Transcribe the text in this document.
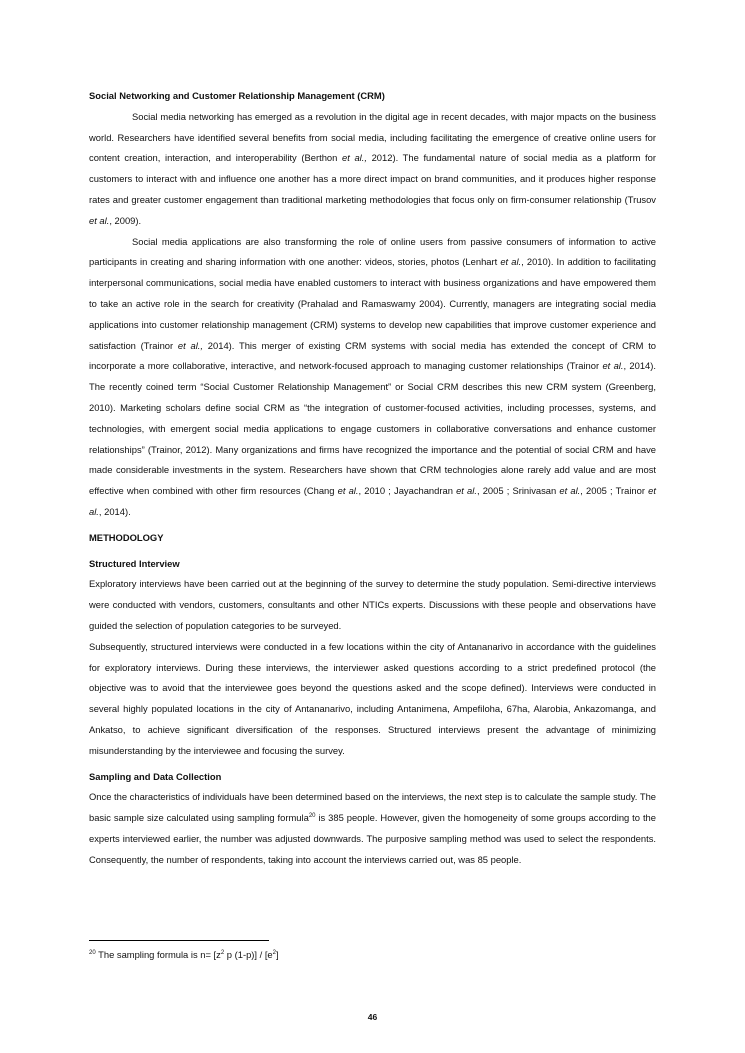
Social Networking and Customer Relationship Management (CRM)

Social media networking has emerged as a revolution in the digital age in recent decades, with major mpacts on the business world. Researchers have identified several benefits from social media, including facilitating the emergence of creative online users for content creation, interaction, and interoperability (Berthon et al., 2012). The fundamental nature of social media as a platform for customers to interact with and influence one another has a more direct impact on brand communities, and it produces higher response rates and greater customer engagement than traditional marketing methodologies that focus only on firm-consumer relationship (Trusov et al., 2009).

Social media applications are also transforming the role of online users from passive consumers of information to active participants in creating and sharing information with one another: videos, stories, photos (Lenhart et al., 2010). In addition to facilitating interpersonal communications, social media have enabled customers to interact with business organizations and have empowered them to take an active role in the search for creativity (Prahalad and Ramaswamy 2004). Currently, managers are integrating social media applications into customer relationship management (CRM) systems to develop new capabilities that improve customer experience and satisfaction (Trainor et al., 2014). This merger of existing CRM systems with social media has extended the concept of CRM to incorporate a more collaborative, interactive, and network-focused approach to managing customer relationships (Trainor et al., 2014). The recently coined term “Social Customer Relationship Management” or Social CRM describes this new CRM system (Greenberg, 2010). Marketing scholars define social CRM as “the integration of customer-focused activities, including processes, systems, and technologies, with emergent social media applications to engage customers in collaborative conversations and enhance customer relationships” (Trainor, 2012). Many organizations and firms have recognized the importance and the potential of social CRM and have made considerable investments in the system. Researchers have shown that CRM technologies alone rarely add value and are most effective when combined with other firm resources (Chang et al., 2010 ; Jayachandran et al., 2005 ; Srinivasan et al., 2005 ; Trainor et al., 2014).

METHODOLOGY
Structured Interview

Exploratory interviews have been carried out at the beginning of the survey to determine the study population. Semi-directive interviews were conducted with vendors, customers, consultants and other NTICs experts. Discussions with these people and observations have guided the selection of population categories to be surveyed.

Subsequently, structured interviews were conducted in a few locations within the city of Antananarivo in accordance with the guidelines for exploratory interviews. During these interviews, the interviewer asked questions according to a strict predefined protocol (the objective was to avoid that the interviewee goes beyond the questions asked and the scope defined). Interviews were conducted in several highly populated locations in the city of Antananarivo, including Antanimena, Ampefiloha, 67ha, Alarobia, Ankazomanga, and Ankatso, to achieve significant diversification of the responses. Structured interviews present the advantage of minimizing misunderstanding by the interviewee and focusing the survey.

Sampling and Data Collection

Once the characteristics of individuals have been determined based on the interviews, the next step is to calculate the sample study. The basic sample size calculated using sampling formula$^{20}$ is 385 people. However, given the homogeneity of some groups according to the experts interviewed earlier, the number was adjusted downwards. The purposive sampling method was used to select the respondents. Consequently, the number of respondents, taking into account the interviews carried out, was 85 people.

$^{20}$ The sampling formula is $n= [z^2$ p $(1-p)] / [e^2]$
46
